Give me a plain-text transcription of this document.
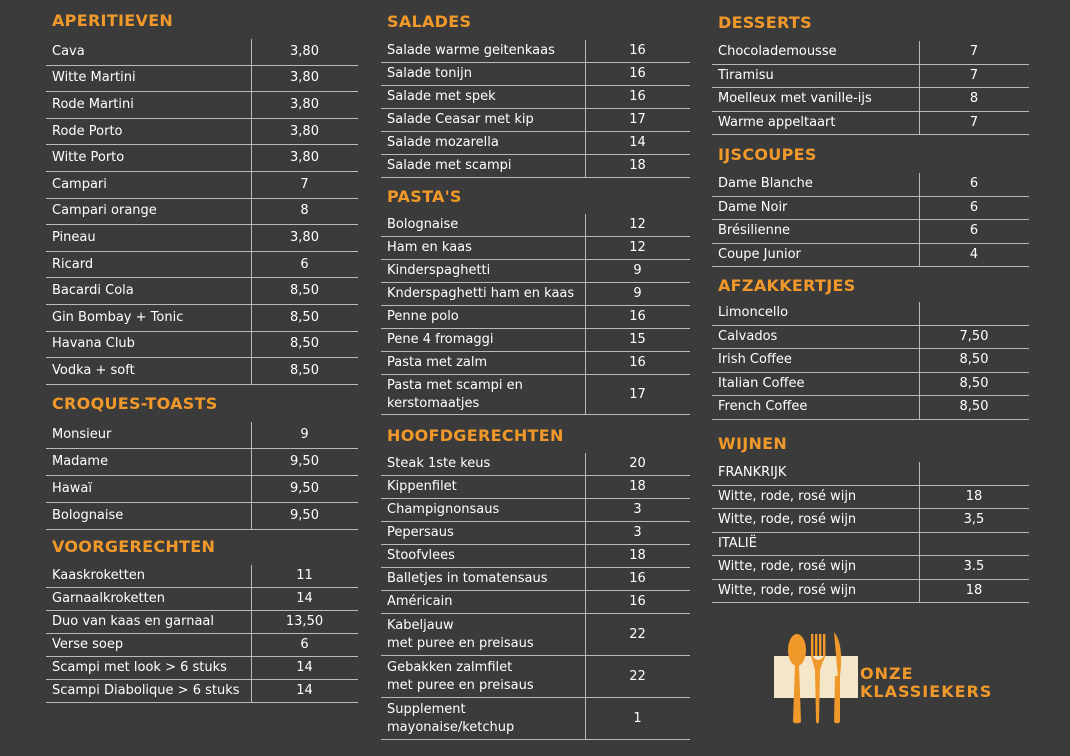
APERITIEVEN
Cava	3,80
Witte Martini	3,80
Rode Martini	3,80
Rode Porto	3,80
Witte Porto	3,80
Campari	7
Campari orange	8
Pineau	3,80
Ricard	6
Bacardi Cola	8,50
Gin Bombay + Tonic	8,50
Havana Club	8,50
Vodka + soft	8,50
CROQUES-TOASTS
Monsieur	9
Madame	9,50
Hawaï	9,50
Bolognaise	9,50
VOORGERECHTEN
Kaaskroketten	11
Garnaalkroketten	14
Duo van kaas en garnaal	13,50
Verse soep	6
Scampi met look > 6 stuks	14
Scampi Diabolique > 6 stuks	14
SALADES
Salade warme geitenkaas	16
Salade tonijn	16
Salade met spek	16
Salade Ceasar met kip	17
Salade mozarella	14
Salade met scampi	18
PASTA'S
Bolognaise	12
Ham en kaas	12
Kinderspaghetti	9
Knderspaghetti ham en kaas	9
Penne polo	16
Pene 4 fromaggi	15
Pasta met zalm	16
Pasta met scampi en kerstomaatjes
17
HOOFDGERECHTEN
Steak 1ste keus	20
Kippenfilet	18
Champignonsaus	3
Pepersaus	3
Stoofvlees	18
Balletjes in tomatensaus	16
Américain	16
Kabeljauw
met puree en preisaus
22
Gebakken zalmfilet
met puree en preisaus
22
Supplement
mayonaise/ketchup
1
DESSERTS
Chocolademousse	7
Tiramisu	7
Moelleux met vanille-ijs	8
Warme appeltaart	7
IJSCOUPES
Dame Blanche	6
Dame Noir	6
Brésilienne	6
Coupe Junior	4
AFZAKKERTJES
Limoncello
Calvados	7,50
Irish Coffee	8,50
Italian Coffee	8,50
French Coffee	8,50
WIJNEN
FRANKRIJK
Witte, rode, rosé wijn	18
Witte, rode, rosé wijn	3,5
ITALIË
Witte, rode, rosé wijn	3.5
Witte, rode, rosé wijn	18
ONZE
KLASSIEKERS
